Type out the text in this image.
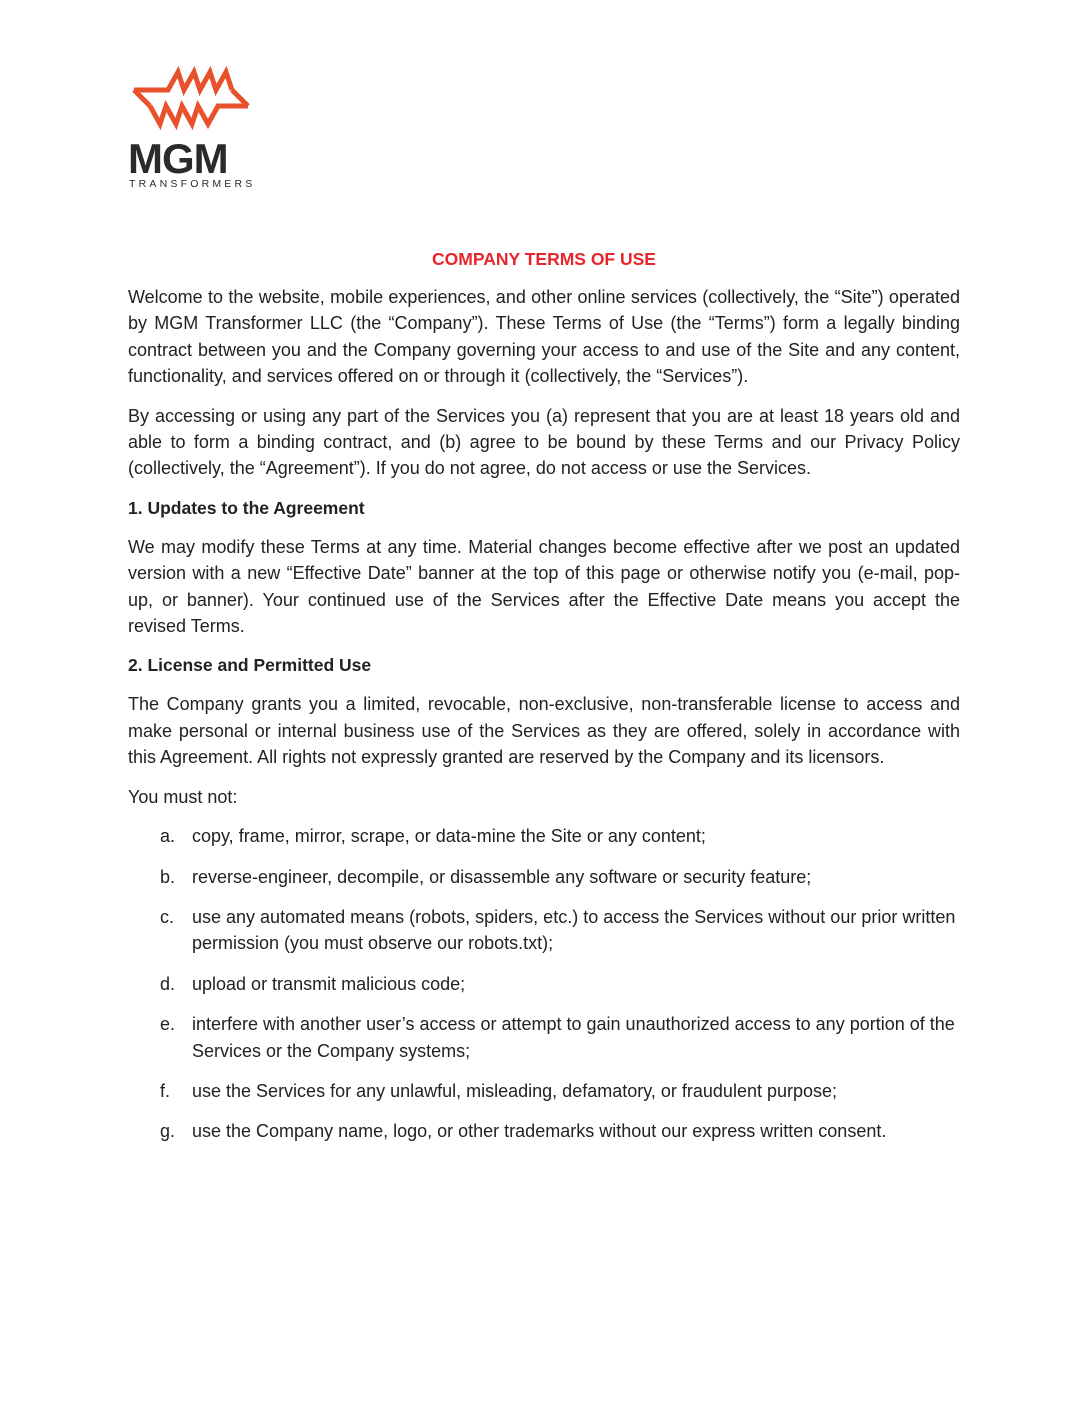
MGM
TRANSFORMERS
COMPANY TERMS OF USE

Welcome to the website, mobile experiences, and other online services (collectively, the “Site”) operated by MGM Transformer LLC (the “Company”). These Terms of Use (the “Terms”) form a legally binding contract between you and the Company governing your access to and use of the Site and any content, functionality, and services offered on or through it (collectively, the “Services”).

By accessing or using any part of the Services you (a) represent that you are at least 18 years old and able to form a binding contract, and (b) agree to be bound by these Terms and our Privacy Policy (collectively, the “Agreement”). If you do not agree, do not access or use the Services.

1. Updates to the Agreement

We may modify these Terms at any time. Material changes become effective after we post an updated version with a new “Effective Date” banner at the top of this page or otherwise notify you (e-mail, pop-up, or banner). Your continued use of the Services after the Effective Date means you accept the revised Terms.

2. License and Permitted Use

The Company grants you a limited, revocable, non-exclusive, non-transferable license to access and make personal or internal business use of the Services as they are offered, solely in accordance with this Agreement. All rights not expressly granted are reserved by the Company and its licensors.

You must not:

a. copy, frame, mirror, scrape, or data-mine the Site or any content;
b. reverse-engineer, decompile, or disassemble any software or security feature;
c. use any automated means (robots, spiders, etc.) to access the Services without our prior written permission (you must observe our robots.txt);
d. upload or transmit malicious code;
e. interfere with another user’s access or attempt to gain unauthorized access to any portion of the Services or the Company systems;
f. use the Services for any unlawful, misleading, defamatory, or fraudulent purpose;
g. use the Company name, logo, or other trademarks without our express written consent.
